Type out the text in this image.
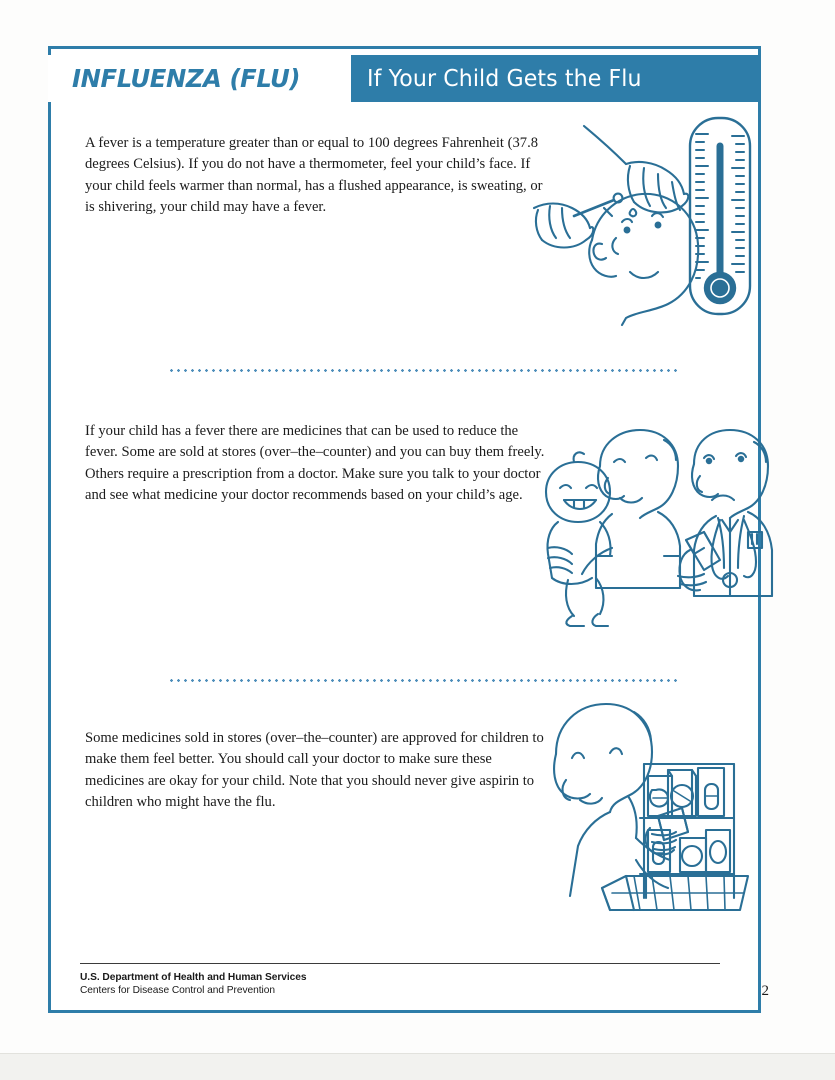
INFLUENZA (FLU)	If Your Child Gets the Flu

A fever is a temperature greater than or equal to 100 degrees Fahrenheit (37.8 degrees Celsius). If you do not have a thermometer, feel your child’s face. If your child feels warmer than normal, has a flushed appearance, is sweating, or is shivering, your child may have a fever.

If your child has a fever there are medicines that can be used to reduce the fever. Some are sold at stores (over–the–counter) and you can buy them freely. Others require a prescription from a doctor. Make sure you talk to your doctor and see what medicine your doctor recommends based on your child’s age.

Some medicines sold in stores (over–the–counter) are approved for children to make them feel better. You should call your doctor to make sure these medicines are okay for your child. Note that you should never give aspirin to children who might have the flu.

U.S. Department of Health and Human Services
Centers for Disease Control and Prevention	2
